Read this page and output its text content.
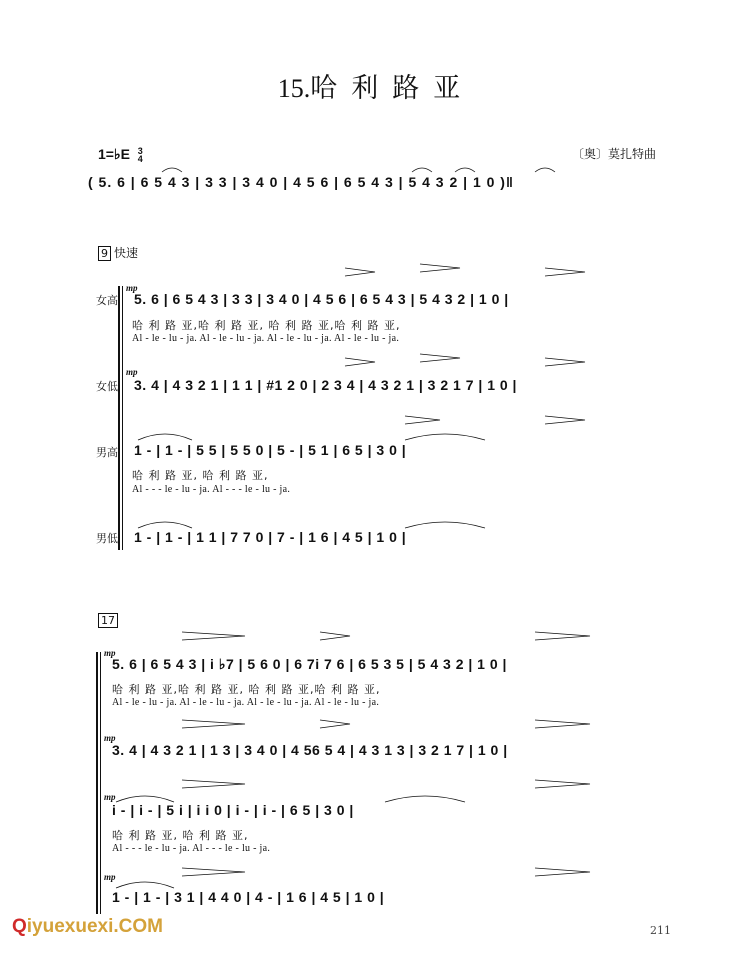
15.哈利路亚
1=♭E 3
4	〔奥〕莫扎特曲
( 5. 6 | 6 5 4 3 | 3 3 | 3 4 0 | 4 5 6 | 6 5 4 3 | 5 4 3 2 | 1 0 )‖
9 快速
女高
mp
5. 6 | 6 5 4 3 | 3 3 | 3 4 0 | 4 5 6 | 6 5 4 3 | 5 4 3 2 | 1 0 |
哈 利 路 亚,哈 利 路 亚, 哈 利 路 亚,哈 利 路 亚,
Al - le - lu - ja. Al - le - lu - ja. Al - le - lu - ja. Al - le - lu - ja.
女低
mp
3. 4 | 4 3 2 1 | 1 1 | #1 2 0 | 2 3 4 | 4 3 2 1 | 3 2 1 7 | 1 0 |
男高 1 - | 1 - | 5 5 | 5 5 0 | 5 - | 5 1 | 6 5 | 3 0 |
哈 利 路 亚, 哈 利 路 亚,
Al - - - le - lu - ja. Al - - - le - lu - ja.
男低 1 - | 1 - | 1 1 | 7 7 0 | 7 - | 1 6 | 4 5 | 1 0 |
17
mp
5. 6 | 6 5 4 3 | i ♭7 | 5 6 0 | 6 7i 7 6 | 6 5 3 5 | 5 4 3 2 | 1 0 |
哈 利 路 亚,哈 利 路 亚, 哈 利 路 亚,哈 利 路 亚,
Al - le - lu - ja. Al - le - lu - ja. Al - le - lu - ja. Al - le - lu - ja.
mp
3. 4 | 4 3 2 1 | 1 3 | 3 4 0 | 4 56 5 4 | 4 3 1 3 | 3 2 1 7 | 1 0 |
mp
i - | i - | 5 i | i i 0 | i - | i - | 6 5 | 3 0 |
哈 利 路 亚, 哈 利 路 亚,
Al - - - le - lu - ja. Al - - - le - lu - ja.
mp
1 - | 1 - | 3 1 | 4 4 0 | 4 - | 1 6 | 4 5 | 1 0 |
Qiyuexuexi.COM	211
